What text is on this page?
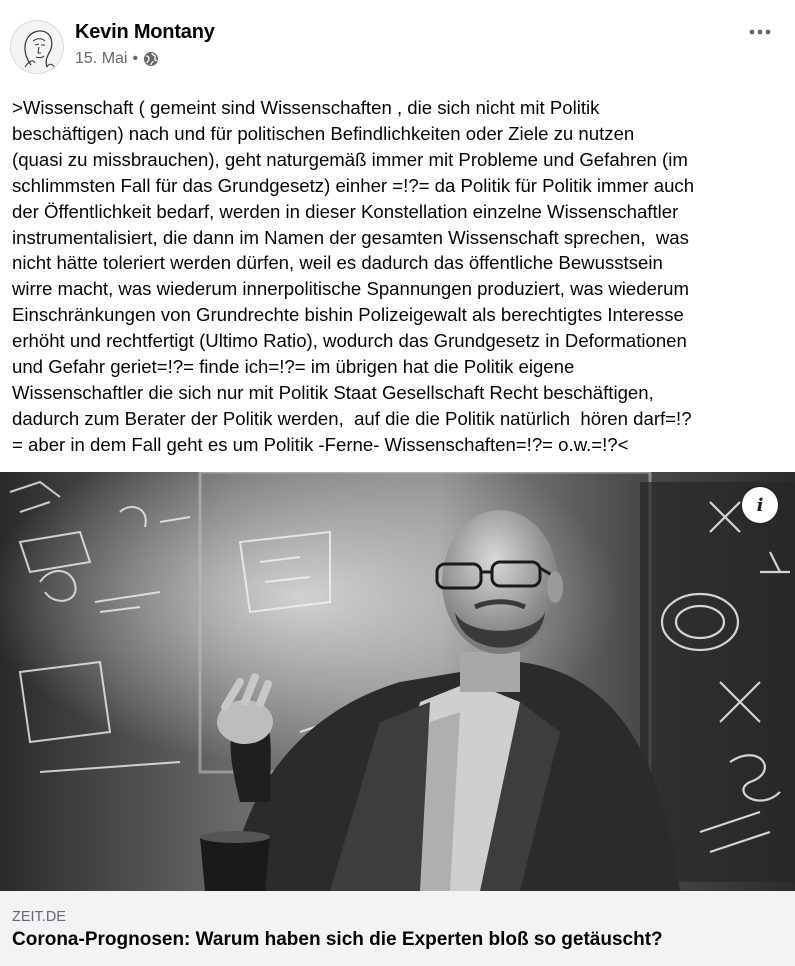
Kevin Montany
15. Mai •

>Wissenschaft ( gemeint sind Wissenschaften , die sich nicht mit Politik
beschäftigen) nach und für politischen Befindlichkeiten oder Ziele zu nutzen
(quasi zu missbrauchen), geht naturgemäß immer mit Probleme und Gefahren (im
schlimmsten Fall für das Grundgesetz) einher =!?= da Politik für Politik immer auch
der Öffentlichkeit bedarf, werden in dieser Konstellation einzelne Wissenschaftler
instrumentalisiert, die dann im Namen der gesamten Wissenschaft sprechen,  was
nicht hätte toleriert werden dürfen, weil es dadurch das öffentliche Bewusstsein
wirre macht, was wiederum innerpolitische Spannungen produziert, was wiederum
Einschränkungen von Grundrechte bishin Polizeigewalt als berechtigtes Interesse
erhöht und rechtfertigt (Ultimo Ratio), wodurch das Grundgesetz in Deformationen
und Gefahr geriet=!?= finde ich=!?= im übrigen hat die Politik eigene
Wissenschaftler die sich nur mit Politik Staat Gesellschaft Recht beschäftigen,
dadurch zum Berater der Politik werden,  auf die die Politik natürlich  hören darf=!?
= aber in dem Fall geht es um Politik -Ferne- Wissenschaften=!?= o.w.=!?<

i
ZEIT.DE
Corona-Prognosen: Warum haben sich die Experten bloß so getäuscht?
